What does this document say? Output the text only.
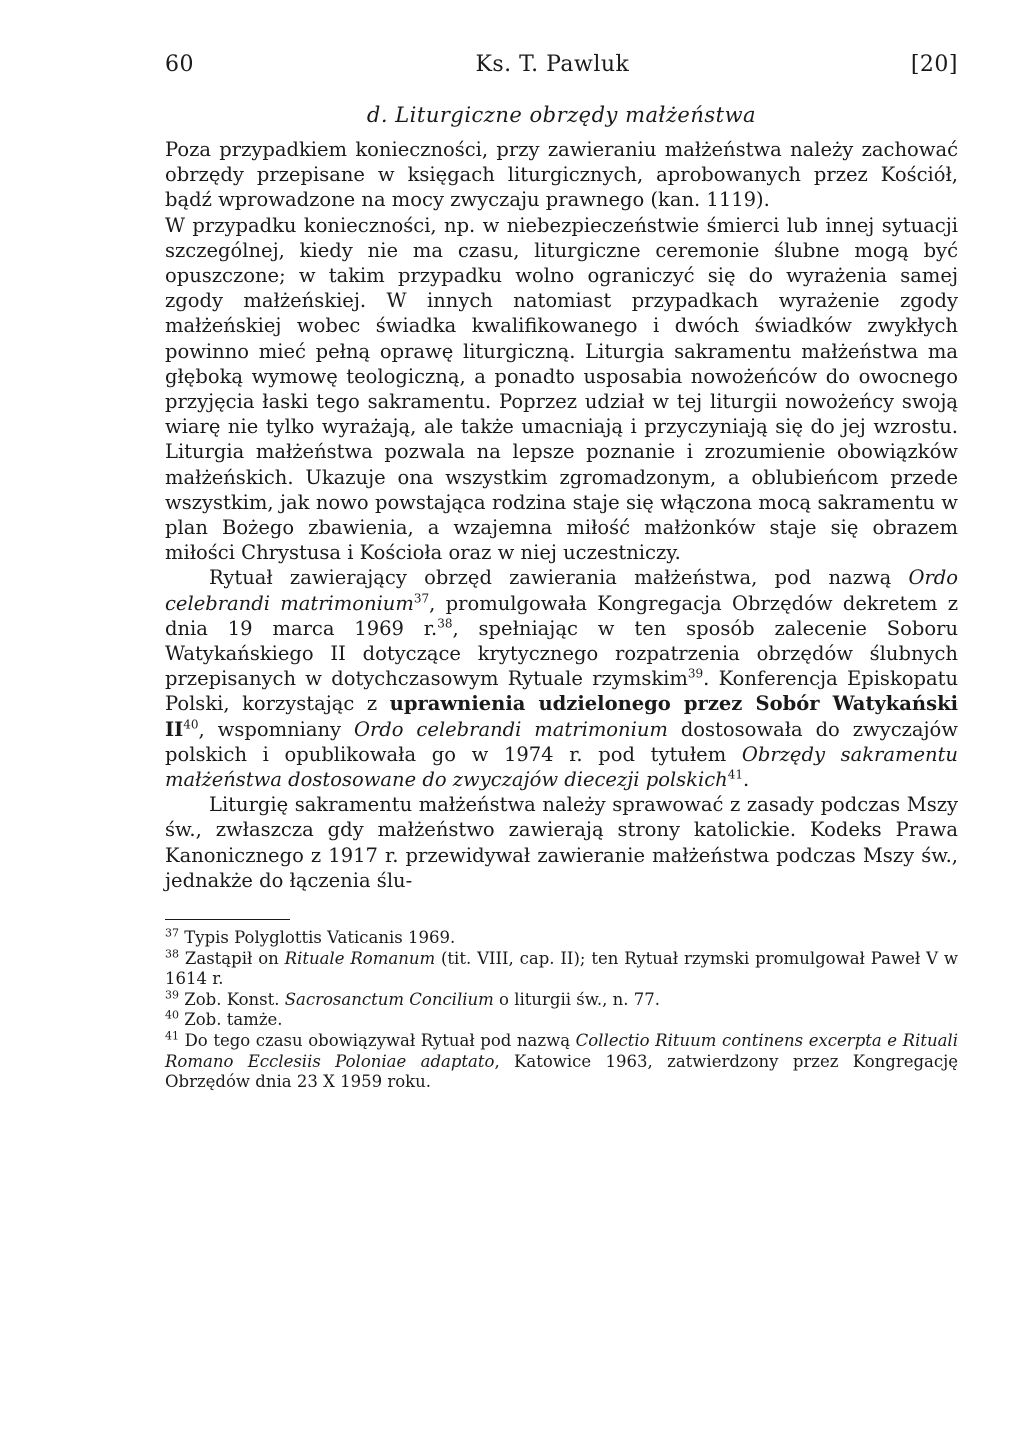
60	Ks. T. Pawluk	[20]
d. Liturgiczne obrzędy małżeństwa

Poza przypadkiem konieczności, przy zawieraniu małżeństwa należy zachować obrzędy przepisane w księgach liturgicznych, aprobowanych przez Kościół, bądź wprowadzone na mocy zwyczaju prawnego (kan. 1119).

W przypadku konieczności, np. w niebezpieczeństwie śmierci lub innej sytuacji szczególnej, kiedy nie ma czasu, liturgiczne ceremonie ślubne mogą być opuszczone; w takim przypadku wolno ograniczyć się do wyrażenia samej zgody małżeńskiej. W innych natomiast przypadkach wyrażenie zgody małżeńskiej wobec świadka kwalifikowanego i dwóch świadków zwykłych powinno mieć pełną oprawę liturgiczną. Liturgia sakramentu małżeństwa ma głęboką wymowę teologiczną, a ponadto usposabia nowożeńców do owocnego przyjęcia łaski tego sakramentu. Poprzez udział w tej liturgii nowożeńcy swoją wiarę nie tylko wyrażają, ale także umacniają i przyczyniają się do jej wzrostu. Liturgia małżeństwa pozwala na lepsze poznanie i zrozumienie obowiązków małżeńskich. Ukazuje ona wszystkim zgromadzonym, a oblubieńcom przede wszystkim, jak nowo powstająca rodzina staje się włączona mocą sakramentu w plan Bożego zbawienia, a wzajemna miłość małżonków staje się obrazem miłości Chrystusa i Kościoła oraz w niej uczestniczy.

Rytuał zawierający obrzęd zawierania małżeństwa, pod nazwą Ordo celebrandi matrimonium$^{37}$, promulgowała Kongregacja Obrzędów dekretem z dnia 19 marca 1969 r.$^{38}$, spełniając w ten sposób zalecenie Soboru Watykańskiego II dotyczące krytycznego rozpatrzenia obrzędów ślubnych przepisanych w dotychczasowym Rytuale rzymskim$^{39}$. Konferencja Episkopatu Polski, korzystając z uprawnienia udzielonego przez Sobór Watykański II$^{40}$, wspomniany Ordo celebrandi matrimonium dostosowała do zwyczajów polskich i opublikowała go w 1974 r. pod tytułem Obrzędy sakramentu małżeństwa dostosowane do zwyczajów diecezji polskich$^{41}$.

Liturgię sakramentu małżeństwa należy sprawować z zasady podczas Mszy św., zwłaszcza gdy małżeństwo zawierają strony katolickie. Kodeks Prawa Kanonicznego z 1917 r. przewidywał zawieranie małżeństwa podczas Mszy św., jednakże do łączenia ślu-

$^{37}$ Typis Polyglottis Vaticanis 1969.
$^{38}$ Zastąpił on Rituale Romanum (tit. VIII, cap. II); ten Rytuał rzymski promulgował Paweł V w 1614 r.
$^{39}$ Zob. Konst. Sacrosanctum Concilium o liturgii św., n. 77.
$^{40}$ Zob. tamże.
$^{41}$ Do tego czasu obowiązywał Rytuał pod nazwą Collectio Rituum continens excerpta e Rituali Romano Ecclesiis Poloniae adaptato, Katowice 1963, zatwierdzony przez Kongregację Obrzędów dnia 23 X 1959 roku.
